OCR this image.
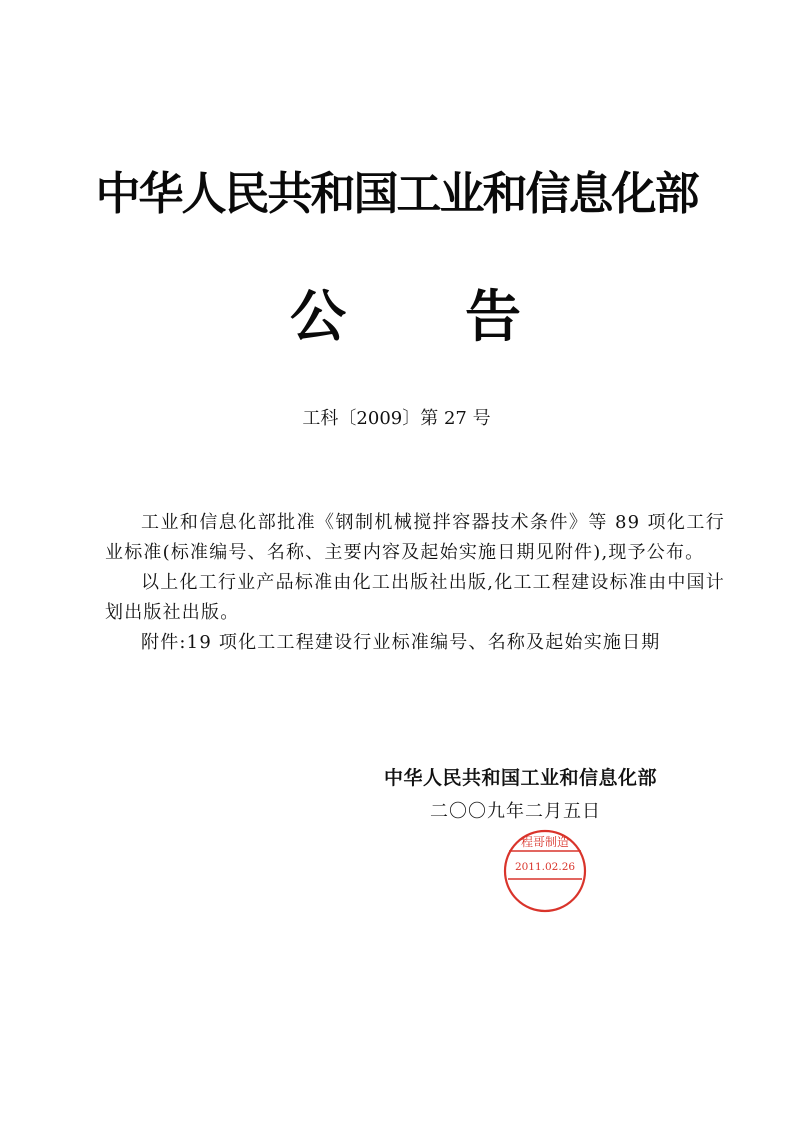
中华人民共和国工业和信息化部
公 告
工科〔2009〕第 27 号

工业和信息化部批准《钢制机械搅拌容器技术条件》等 89 项化工行业标准(标准编号、名称、主要内容及起始实施日期见附件),现予公布。

以上化工行业产品标准由化工出版社出版,化工工程建设标准由中国计划出版社出版。

附件:19 项化工工程建设行业标准编号、名称及起始实施日期

中华人民共和国工业和信息化部
二〇〇九年二月五日
程哥制造
2011.02.26
